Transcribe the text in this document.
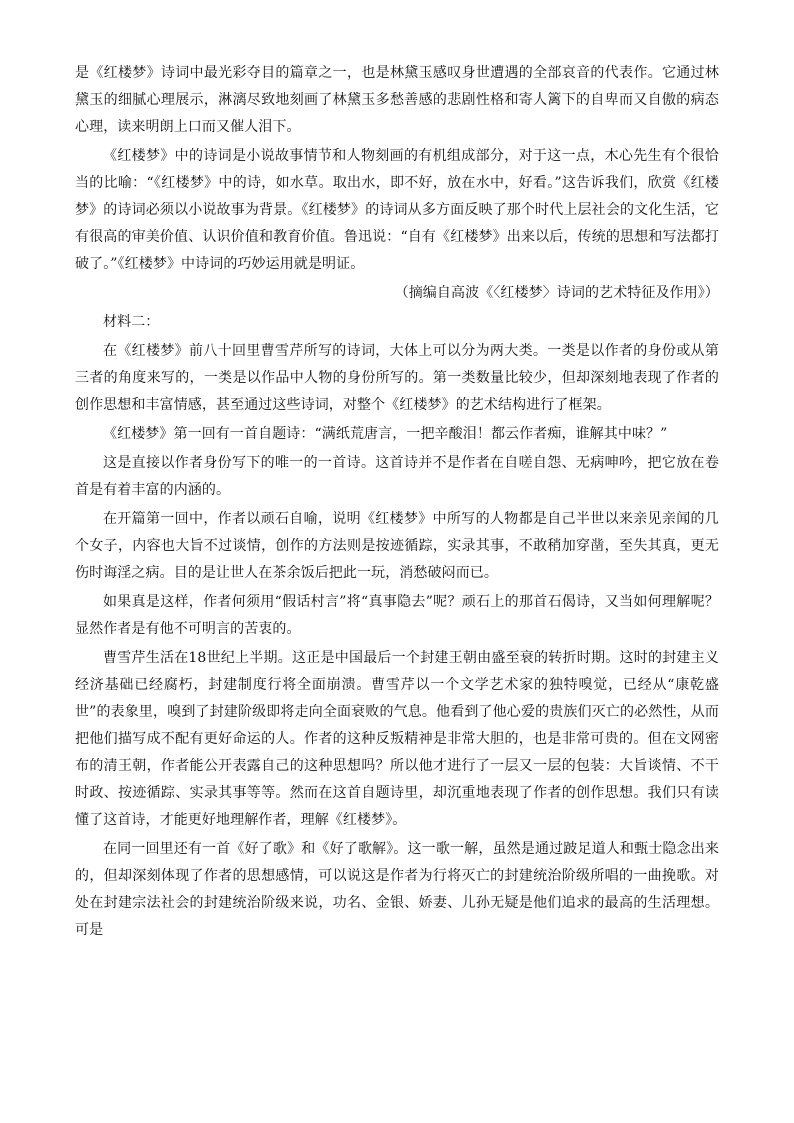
是《红楼梦》诗词中最光彩夺目的篇章之一，也是林黛玉感叹身世遭遇的全部哀音的代表作。它通过林黛玉的细腻心理展示，淋漓尽致地刻画了林黛玉多愁善感的悲剧性格和寄人篱下的自卑而又自傲的病态心理，读来明朗上口而又催人泪下。

《红楼梦》中的诗词是小说故事情节和人物刻画的有机组成部分，对于这一点，木心先生有个很恰当的比喻：“《红楼梦》中的诗，如水草。取出水，即不好，放在水中，好看。”这告诉我们，欣赏《红楼梦》的诗词必须以小说故事为背景。《红楼梦》的诗词从多方面反映了那个时代上层社会的文化生活，它有很高的审美价值、认识价值和教育价值。鲁迅说：“自有《红楼梦》出来以后，传统的思想和写法都打破了。”《红楼梦》中诗词的巧妙运用就是明证。

（摘编自高波《〈红楼梦〉诗词的艺术特征及作用》）

材料二：

在《红楼梦》前八十回里曹雪芹所写的诗词，大体上可以分为两大类。一类是以作者的身份或从第三者的角度来写的，一类是以作品中人物的身份所写的。第一类数量比较少，但却深刻地表现了作者的创作思想和丰富情感，甚至通过这些诗词，对整个《红楼梦》的艺术结构进行了框架。

《红楼梦》第一回有一首自题诗：“满纸荒唐言，一把辛酸泪！都云作者痴，谁解其中味？”

这是直接以作者身份写下的唯一的一首诗。这首诗并不是作者在自嗟自怨、无病呻吟，把它放在卷首是有着丰富的内涵的。

在开篇第一回中，作者以顽石自喻，说明《红楼梦》中所写的人物都是自己半世以来亲见亲闻的几个女子，内容也大旨不过谈情，创作的方法则是按迹循踪，实录其事，不敢稍加穿凿，至失其真，更无伤时诲淫之病。目的是让世人在茶余饭后把此一玩，消愁破闷而已。

如果真是这样，作者何须用“假话村言”将“真事隐去”呢？顽石上的那首石偈诗，又当如何理解呢？显然作者是有他不可明言的苦衷的。

曹雪芹生活在18世纪上半期。这正是中国最后一个封建王朝由盛至衰的转折时期。这时的封建主义经济基础已经腐朽，封建制度行将全面崩溃。曹雪芹以一个文学艺术家的独特嗅觉，已经从“康乾盛世”的表象里，嗅到了封建阶级即将走向全面衰败的气息。他看到了他心爱的贵族们灭亡的必然性，从而把他们描写成不配有更好命运的人。作者的这种反叛精神是非常大胆的，也是非常可贵的。但在文网密布的清王朝，作者能公开表露自己的这种思想吗？所以他才进行了一层又一层的包装：大旨谈情、不干时政、按迹循踪、实录其事等等。然而在这首自题诗里，却沉重地表现了作者的创作思想。我们只有读懂了这首诗，才能更好地理解作者，理解《红楼梦》。

在同一回里还有一首《好了歌》和《好了歌解》。这一歌一解，虽然是通过跛足道人和甄士隐念出来的，但却深刻体现了作者的思想感情，可以说这是作者为行将灭亡的封建统治阶级所唱的一曲挽歌。对处在封建宗法社会的封建统治阶级来说，功名、金银、娇妻、儿孙无疑是他们追求的最高的生活理想。可是
